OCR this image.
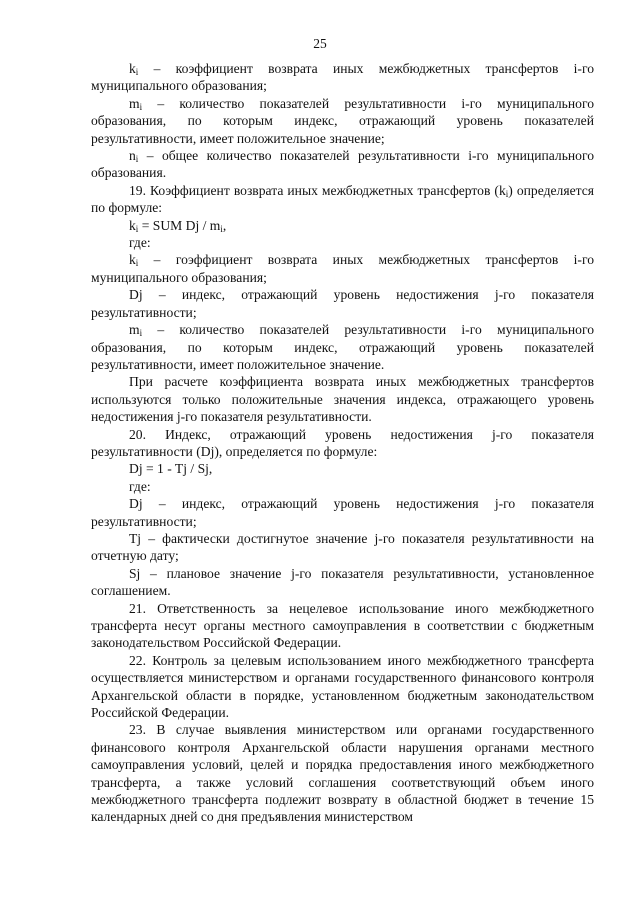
25

$k_i$ – коэффициент возврата иных межбюджетных трансфертов i-го муниципального образования;

$m_i$ – количество показателей результативности i-го муниципального образования, по которым индекс, отражающий уровень показателей результативности, имеет положительное значение;

$n_i$ – общее количество показателей результативности i-го муниципального образования.

19. Коэффициент возврата иных межбюджетных трансфертов $(k_i)$ определяется по формуле:

$k_i$ = SUM Dj / $m_i$,

где:

$k_i$ – гоэффициент возврата иных межбюджетных трансфертов i-го муниципального образования;

Dj – индекс, отражающий уровень недостижения j-го показателя результативности;

$m_i$ – количество показателей результативности i-го муниципального образования, по которым индекс, отражающий уровень показателей результативности, имеет положительное значение.

При расчете коэффициента возврата иных межбюджетных трансфертов используются только положительные значения индекса, отражающего уровень недостижения j-го показателя результативности.

20. Индекс, отражающий уровень недостижения j-го показателя результативности (Dj), определяется по формуле:

Dj = 1 - Tj / Sj,

где:

Dj – индекс, отражающий уровень недостижения j-го показателя результативности;

Tj – фактически достигнутое значение j-го показателя результативности на отчетную дату;

Sj – плановое значение j-го показателя результативности, установленное соглашением.

21. Ответственность за нецелевое использование иного межбюджетного трансферта несут органы местного самоуправления в соответствии с бюджетным законодательством Российской Федерации.

22. Контроль за целевым использованием иного межбюджетного трансферта осуществляется министерством и органами государственного финансового контроля Архангельской области в порядке, установленном бюджетным законодательством Российской Федерации.

23. В случае выявления министерством или органами государственного финансового контроля Архангельской области нарушения органами местного самоуправления условий, целей и порядка предоставления иного межбюджетного трансферта, а также условий соглашения соответствующий объем иного межбюджетного трансферта подлежит возврату в областной бюджет в течение 15 календарных дней со дня предъявления министерством
